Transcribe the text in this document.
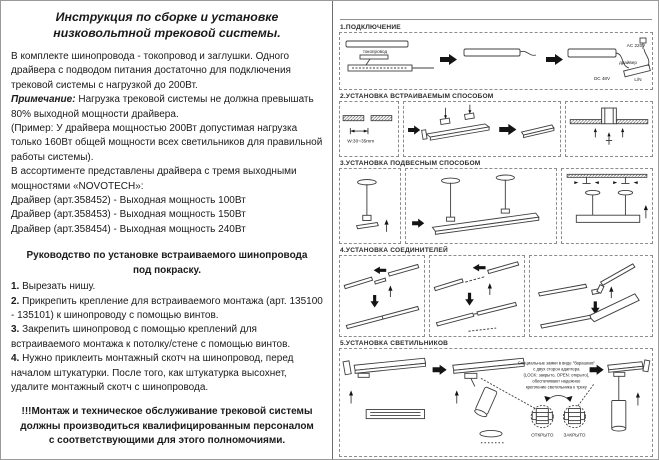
Инструкция по сборке и установке низковольтной трековой системы.

В комплекте шинопровода - токопровод и заглушки. Одного драйвера с подводом питания достаточно для подключения трековой системы с нагрузкой до 200Вт.

Примечание: Нагрузка трековой системы не должна превышать 80% выходной мощности драйвера.

(Пример: У драйвера мощностью 200Вт допустимая нагрузка только 160Вт общей мощности всех светильников для правильной работы системы).

В ассортименте представлены драйвера с тремя выходными мощностями «NOVOTECH»:

Драйвер (арт.358452) - Выходная мощность 100Вт

Драйвер (арт.358453) - Выходная мощность 150Вт

Драйвер (арт.358454) - Выходная мощность 240Вт

Руководство по установке встраиваемого шинопровода под покраску.

1. Вырезать нишу.

2. Прикрепить крепление для встраиваемого монтажа (арт. 135100 - 135101) к шинопроводу с помощью винтов.

3. Закрепить шинопровод с помощью креплений для встраиваемого монтажа к потолку/стене с помощью винтов.

4. Нужно приклеить монтажный скотч на шинопровод, перед началом штукатурки. После того, как штукатурка высохнет, удалите монтажный скотч с шинопровода.

!!!Монтаж и техническое обслуживание трековой системы должны производиться квалифицированным персоналом с соответствующими для этого полномочиями.

1.ПОДКЛЮЧЕНИЕ
токопровод
DC 48V
драйвер
L/N
AC 220V
2.УСТАНОВКА ВСТРАИВАЕМЫМ СПОСОБОМ
W:30~35mm
3.УСТАНОВКА ПОДВЕСНЫМ СПОСОБОМ
4.УСТАНОВКА СОЕДИНИТЕЛЕЙ
5.УСТАНОВКА СВЕТИЛЬНИКОВ
Специальные замки в виде "барашков"
с двух сторон адаптера
(LOCK: закрыто, OPEN: открыто),
обеспечивают надежное
крепление светильника к треку
ОТКРЫТО ЗАКРЫТО
